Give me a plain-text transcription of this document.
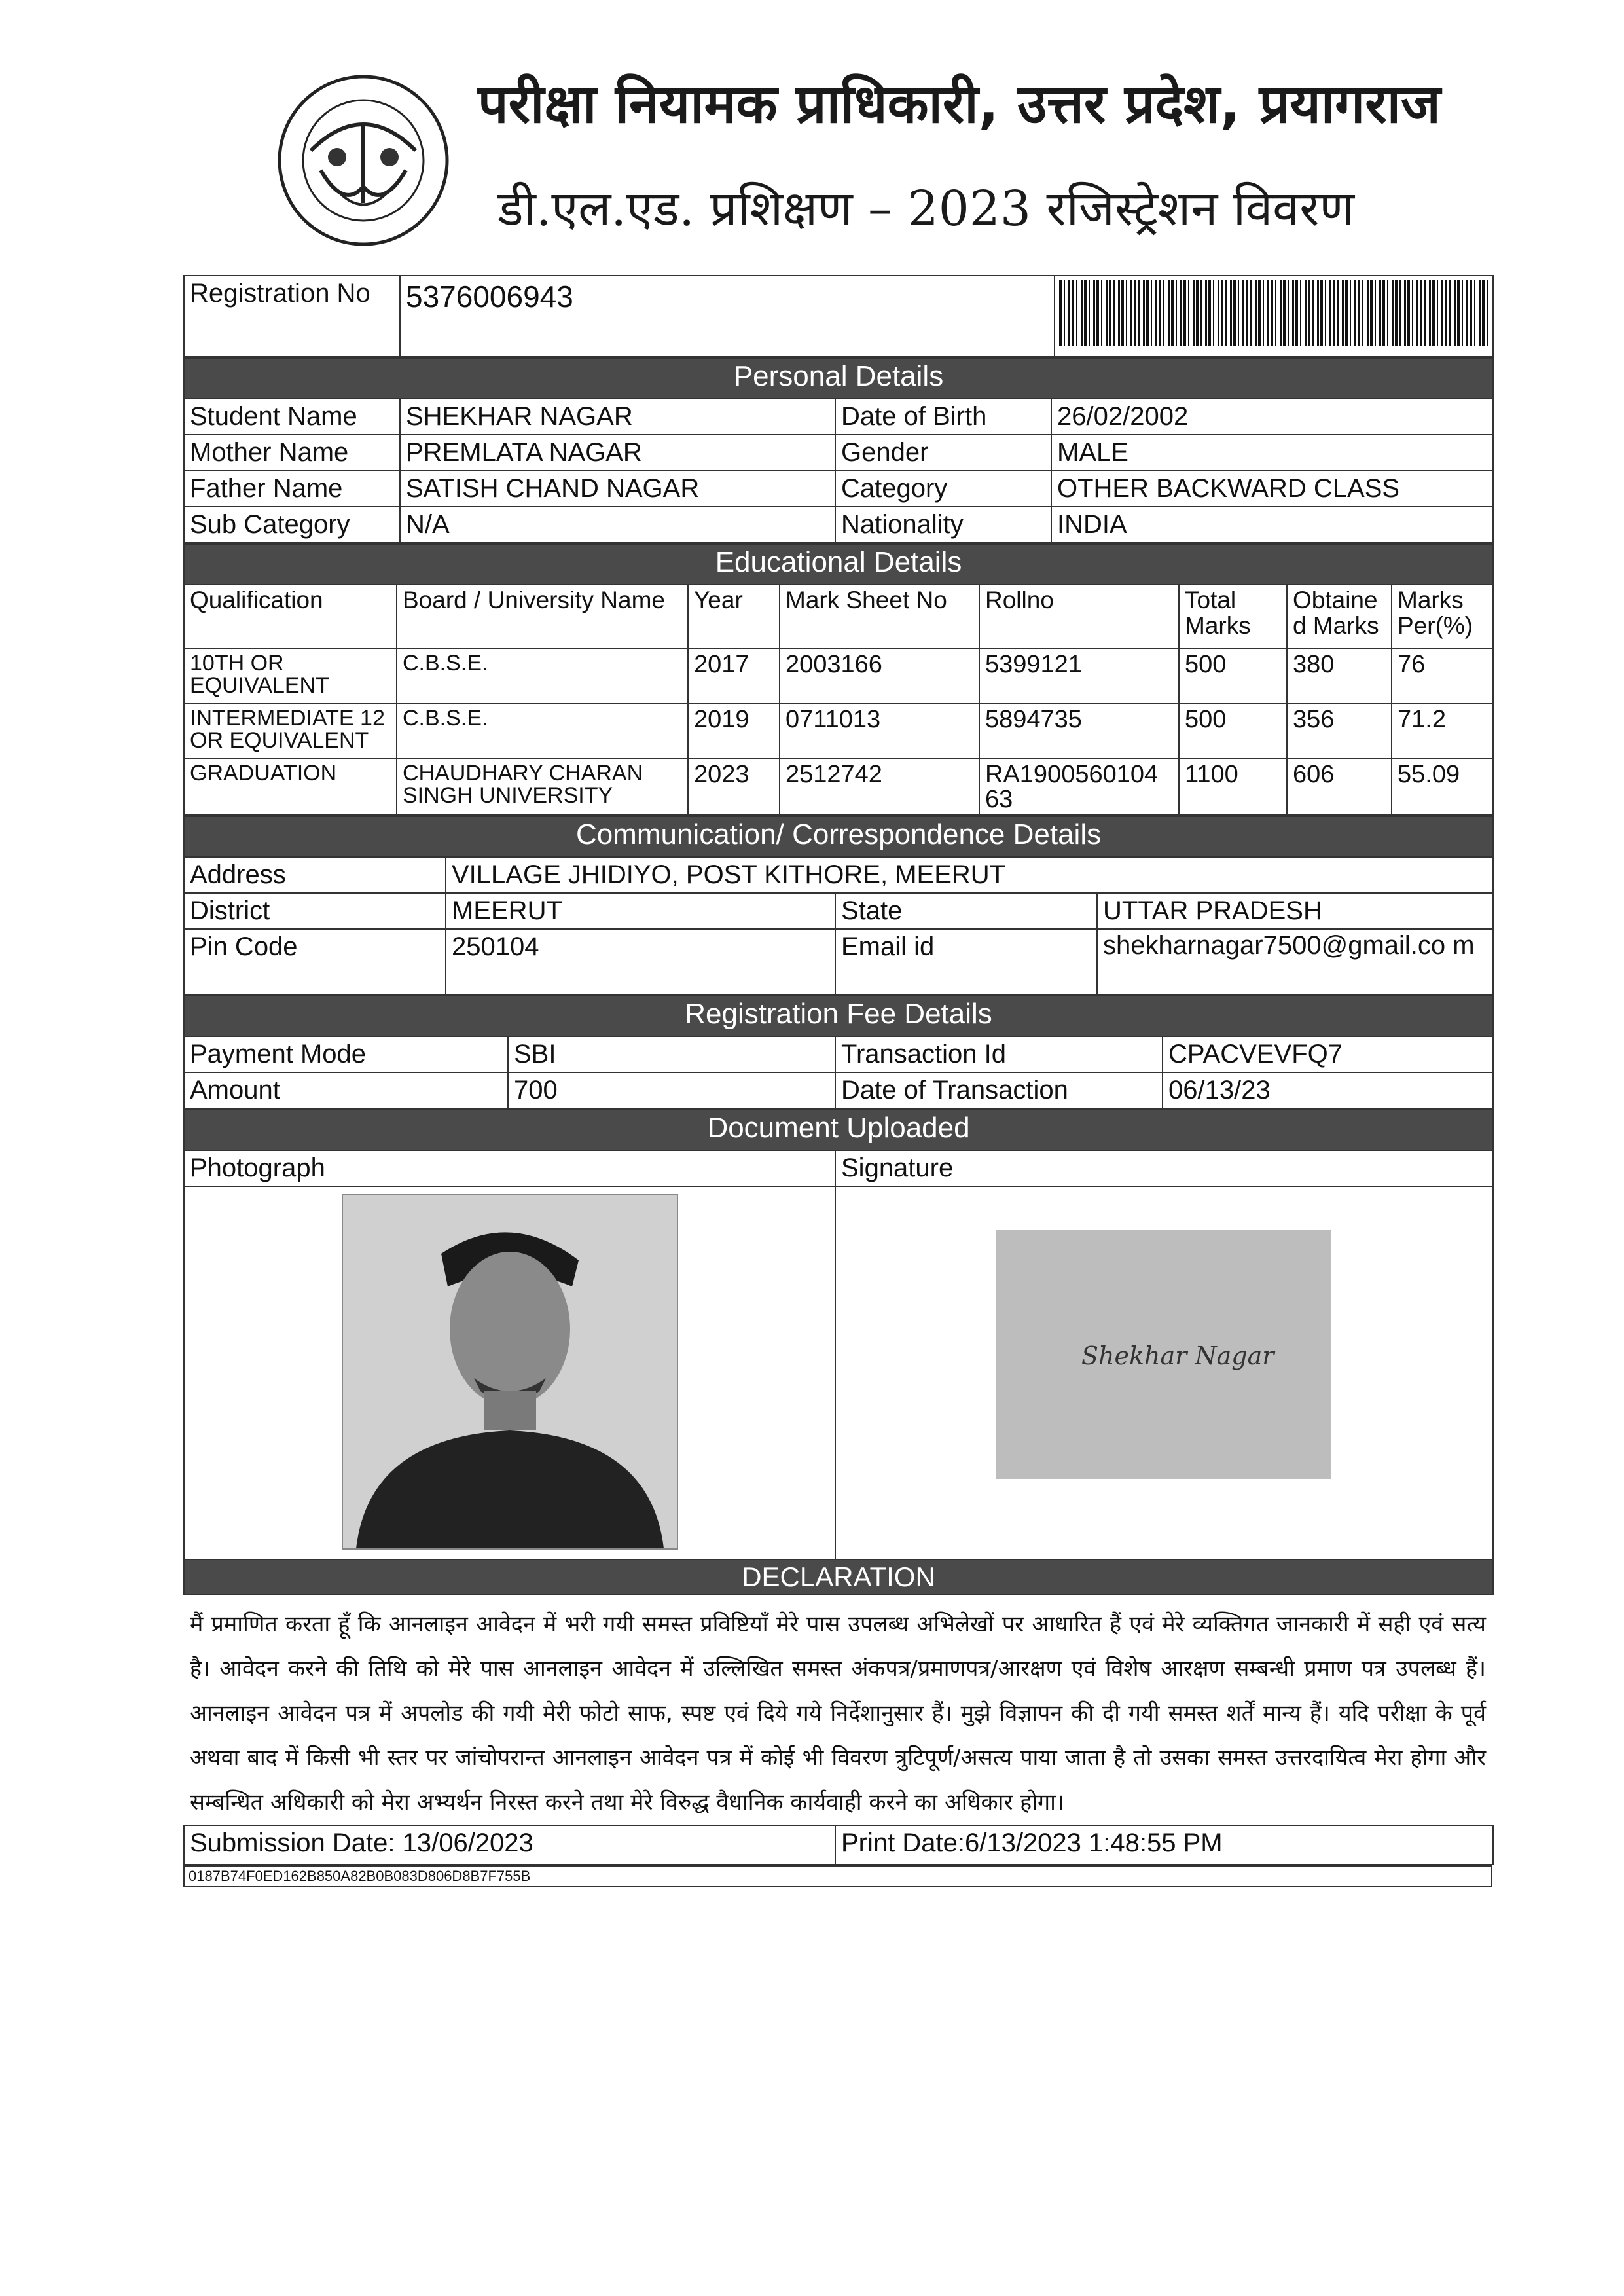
परीक्षा नियामक प्राधिकारी, उत्तर प्रदेश, प्रयागराज
डी.एल.एड. प्रशिक्षण – 2023 रजिस्ट्रेशन विवरण
Registration No	5376006943	
Personal Details			
Student Name	SHEKHAR NAGAR	Date of Birth	26/02/2002
Mother Name	PREMLATA NAGAR	Gender	MALE
Father Name	SATISH CHAND NAGAR	Category	OTHER BACKWARD CLASS
Sub Category	N/A	Nationality	INDIA
Educational Details							
Qualification	Board / University Name	Year	Mark Sheet No	Rollno	Total Marks	Obtaine d Marks	Marks Per(%)
10TH OR EQUIVALENT	C.B.S.E.	2017	2003166	5399121	500	380	76
INTERMEDIATE 12 OR EQUIVALENT	C.B.S.E.	2019	0711013	5894735	500	356	71.2
GRADUATION	CHAUDHARY CHARAN SINGH UNIVERSITY	2023	2512742	RA1900560104 63	1100	606	55.09
Communication/ Correspondence Details			
Address	VILLAGE JHIDIYO, POST KITHORE, MEERUT		
District	MEERUT	State	UTTAR PRADESH
Pin Code	250104	Email id	shekharnagar7500@gmail.co m
Registration Fee Details			
Payment Mode	SBI	Transaction Id	CPACVEVFQ7
Amount	700	Date of Transaction	06/13/23
Document Uploaded	
Photograph	Signature

Shekhar Nagar

DECLARATION	
मैं प्रमाणित करता हूँ कि आनलाइन आवेदन में भरी गयी समस्त प्रविष्टियाँ मेरे पास उपलब्ध अभिलेखों पर आधारित हैं एवं मेरे व्यक्तिगत जानकारी में सही एवं सत्य है। आवेदन करने की तिथि को मेरे पास आनलाइन आवेदन में उल्लिखित समस्त अंकपत्र/प्रमाणपत्र/आरक्षण एवं विशेष आरक्षण सम्बन्धी प्रमाण पत्र उपलब्ध हैं। आनलाइन आवेदन पत्र में अपलोड की गयी मेरी फोटो साफ, स्पष्ट एवं दिये गये निर्देशानुसार हैं। मुझे विज्ञापन की दी गयी समस्त शर्तें मान्य हैं। यदि परीक्षा के पूर्व अथवा बाद में किसी भी स्तर पर जांचोपरान्त आनलाइन आवेदन पत्र में कोई भी विवरण त्रुटिपूर्ण/असत्य पाया जाता है तो उसका समस्त उत्तरदायित्व मेरा होगा और सम्बन्धित अधिकारी को मेरा अभ्यर्थन निरस्त करने तथा मेरे विरुद्ध वैधानिक कार्यवाही करने का अधिकार होगा।
Submission Date: 13/06/2023	Print Date:6/13/2023 1:48:55 PM
0187B74F0ED162B850A82B0B083D806D8B7F755B
